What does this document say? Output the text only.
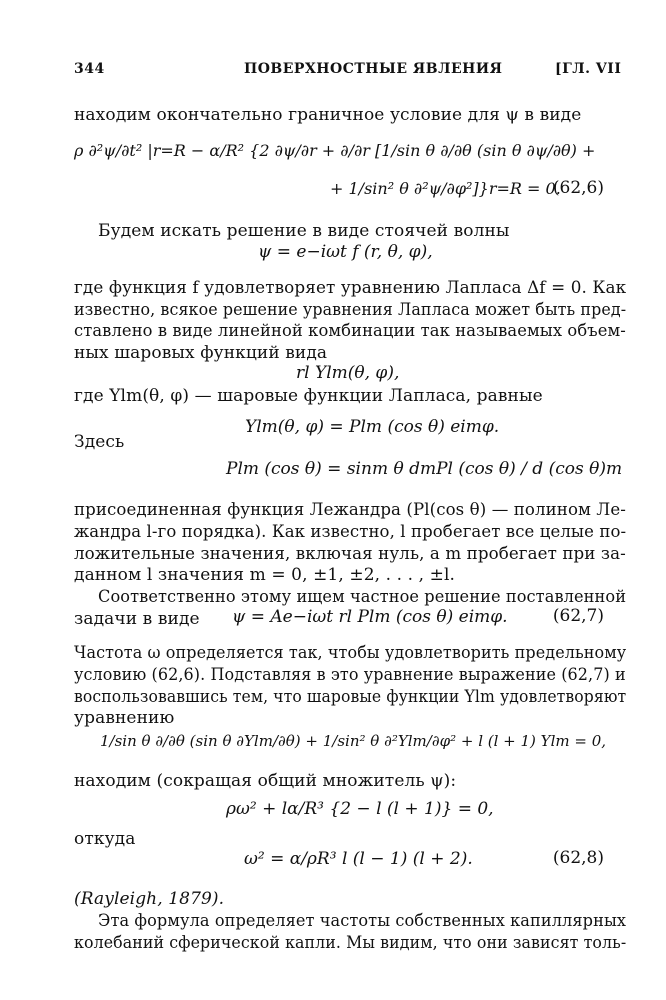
344	ПОВЕРХНОСТНЫЕ ЯВЛЕНИЯ	[ГЛ. VII
находим окончательно граничное условие для ψ в виде
ρ ∂²ψ/∂t² |r=R − α/R² {2 ∂ψ/∂r + ∂/∂r [1/sin θ ∂/∂θ (sin θ ∂ψ/∂θ) +
+ 1/sin² θ ∂²ψ/∂φ²]}r=R = 0.
(62,6)
Будем искать решение в виде стоячей волны
ψ = e−iωt f (r, θ, φ),
где функция f удовлетворяет уравнению Лапласа Δf = 0. Как
известно, всякое решение уравнения Лапласа может быть пред-
ставлено в виде линейной комбинации так называемых объем-
ных шаровых функций вида
rl Ylm(θ, φ),
где Ylm(θ, φ) — шаровые функции Лапласа, равные
Ylm(θ, φ) = Plm (cos θ) eimφ.
Здесь
Plm (cos θ) = sinm θ dmPl (cos θ) / d (cos θ)m
присоединенная функция Лежандра (Pl(cos θ) — полином Ле-
жандра l-го порядка). Как известно, l пробегает все целые по-
ложительные значения, включая нуль, а m пробегает при за-
данном l значения m = 0, ±1, ±2, . . . , ±l.
Соответственно этому ищем частное решение поставленной
задачи в виде ψ = Ae−iωt rl Plm (cos θ) eimφ.	(62,7)
Частота ω определяется так, чтобы удовлетворить предельному
условию (62,6). Подставляя в это уравнение выражение (62,7) и
воспользовавшись тем, что шаровые функции Ylm удовлетворяют
уравнению
1/sin θ ∂/∂θ (sin θ ∂Ylm/∂θ) + 1/sin² θ ∂²Ylm/∂φ² + l (l + 1) Ylm = 0,
находим (сокращая общий множитель ψ):
ρω² + lα/R³ {2 − l (l + 1)} = 0,
откуда
ω² = α/ρR³ l (l − 1) (l + 2).	(62,8)
(Rayleigh, 1879).
Эта формула определяет частоты собственных капиллярных
колебаний сферической капли. Мы видим, что они зависят толь-
